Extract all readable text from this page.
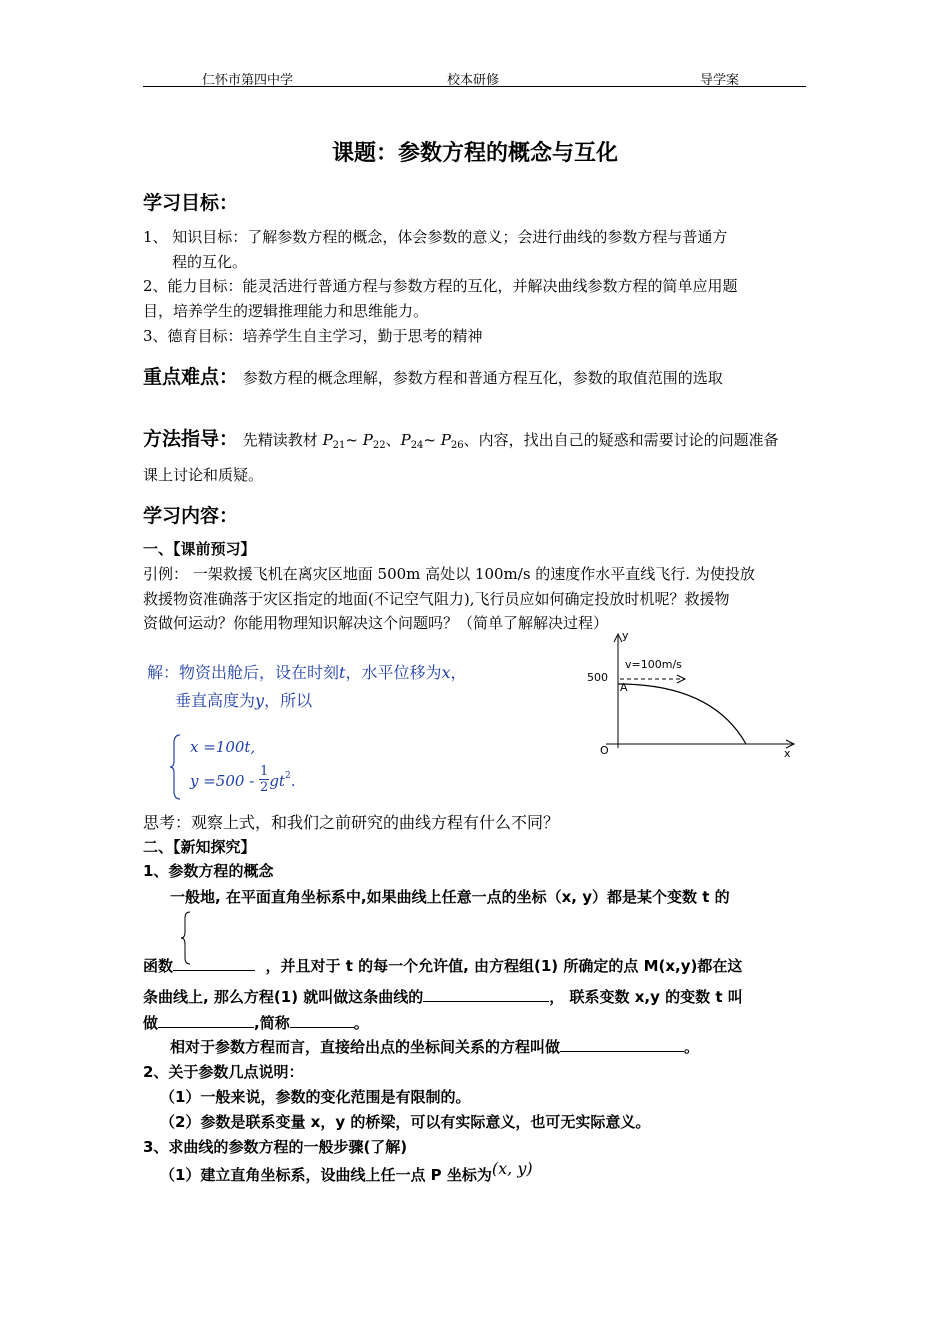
仁怀市第四中学	校本研修	导学案
课题：参数方程的概念与互化
学习目标：
1、 知识目标：了解参数方程的概念，体会参数的意义；会进行曲线的参数方程与普通方
程的互化。
2、能力目标：能灵活进行普通方程与参数方程的互化，并解决曲线参数方程的简单应用题
目，培养学生的逻辑推理能力和思维能力。
3、德育目标：培养学生自主学习，勤于思考的精神
重点难点： 参数方程的概念理解，参数方程和普通方程互化，参数的取值范围的选取
方法指导： 先精读教材 $P_{21}\sim$ $P_{22}$、$P_{24}\sim$ $P_{26}$、内容，找出自己的疑惑和需要讨论的问题准备
课上讨论和质疑。
学习内容：
一、【课前预习】
引例： 一架救援飞机在离灾区地面 500m 高处以 100m/s 的速度作水平直线飞行. 为使投放
救援物资准确落于灾区指定的地面(不记空气阻力),飞行员应如何确定投放时机呢？救援物
资做何运动？你能用物理知识解决这个问题吗？（简单了解解决过程）
解：物资出舱后，设在时刻t，水平位移为x，
垂直高度为y，所以
x =100t,
$y =500 - \frac{1}{2} gt^2$.
y
x
O
500
A
v=100m/s
思考：观察上式，和我们之前研究的曲线方程有什么不同？
二、【新知探究】
1、参数方程的概念
一般地, 在平面直角坐标系中,如果曲线上任意一点的坐标（x, y）都是某个变数 t 的
函数	，并且对于 t 的每一个允许值, 由方程组(1) 所确定的点 M(x,y)都在这
条曲线上, 那么方程(1) 就叫做这条曲线的	， 联系变数 x,y 的变数 t 叫
做	,简称	。
相对于参数方程而言，直接给出点的坐标间关系的方程叫做	。
2、关于参数几点说明：
（1）一般来说，参数的变化范围是有限制的。
（2）参数是联系变量 x，y 的桥梁，可以有实际意义，也可无实际意义。
3、求曲线的参数方程的一般步骤(了解)
（1）建立直角坐标系，设曲线上任一点 P 坐标为(x, y)
